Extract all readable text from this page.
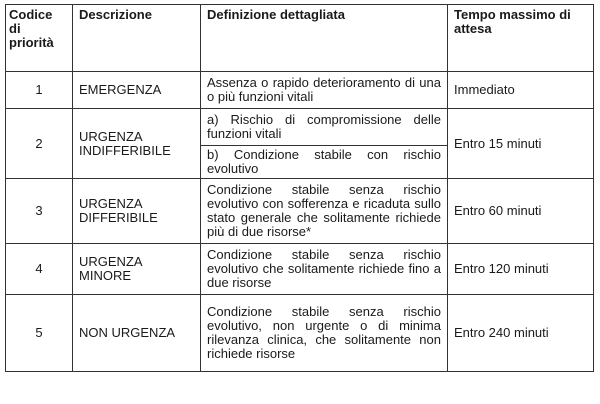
Codice di priorità	Descrizione	Definizione dettagliata	Tempo massimo di attesa
1	EMERGENZA	Assenza o rapido deterioramento di una o più funzioni vitali	Immediato
2	URGENZA INDIFFERIBILE	a) Rischio di compromissione delle funzioni vitali	Entro 15 minuti
		b) Condizione stabile con rischio evolutivo	
3	URGENZA DIFFERIBILE	Condizione stabile senza rischio evolutivo con sofferenza e ricaduta sullo stato generale che solitamente richiede più di due risorse*	Entro 60 minuti
4	URGENZA MINORE	Condizione stabile senza rischio evolutivo che solitamente richiede fino a due risorse	Entro 120 minuti
5	NON URGENZA	Condizione stabile senza rischio evolutivo, non urgente o di minima rilevanza clinica, che solitamente non richiede risorse	Entro 240 minuti
